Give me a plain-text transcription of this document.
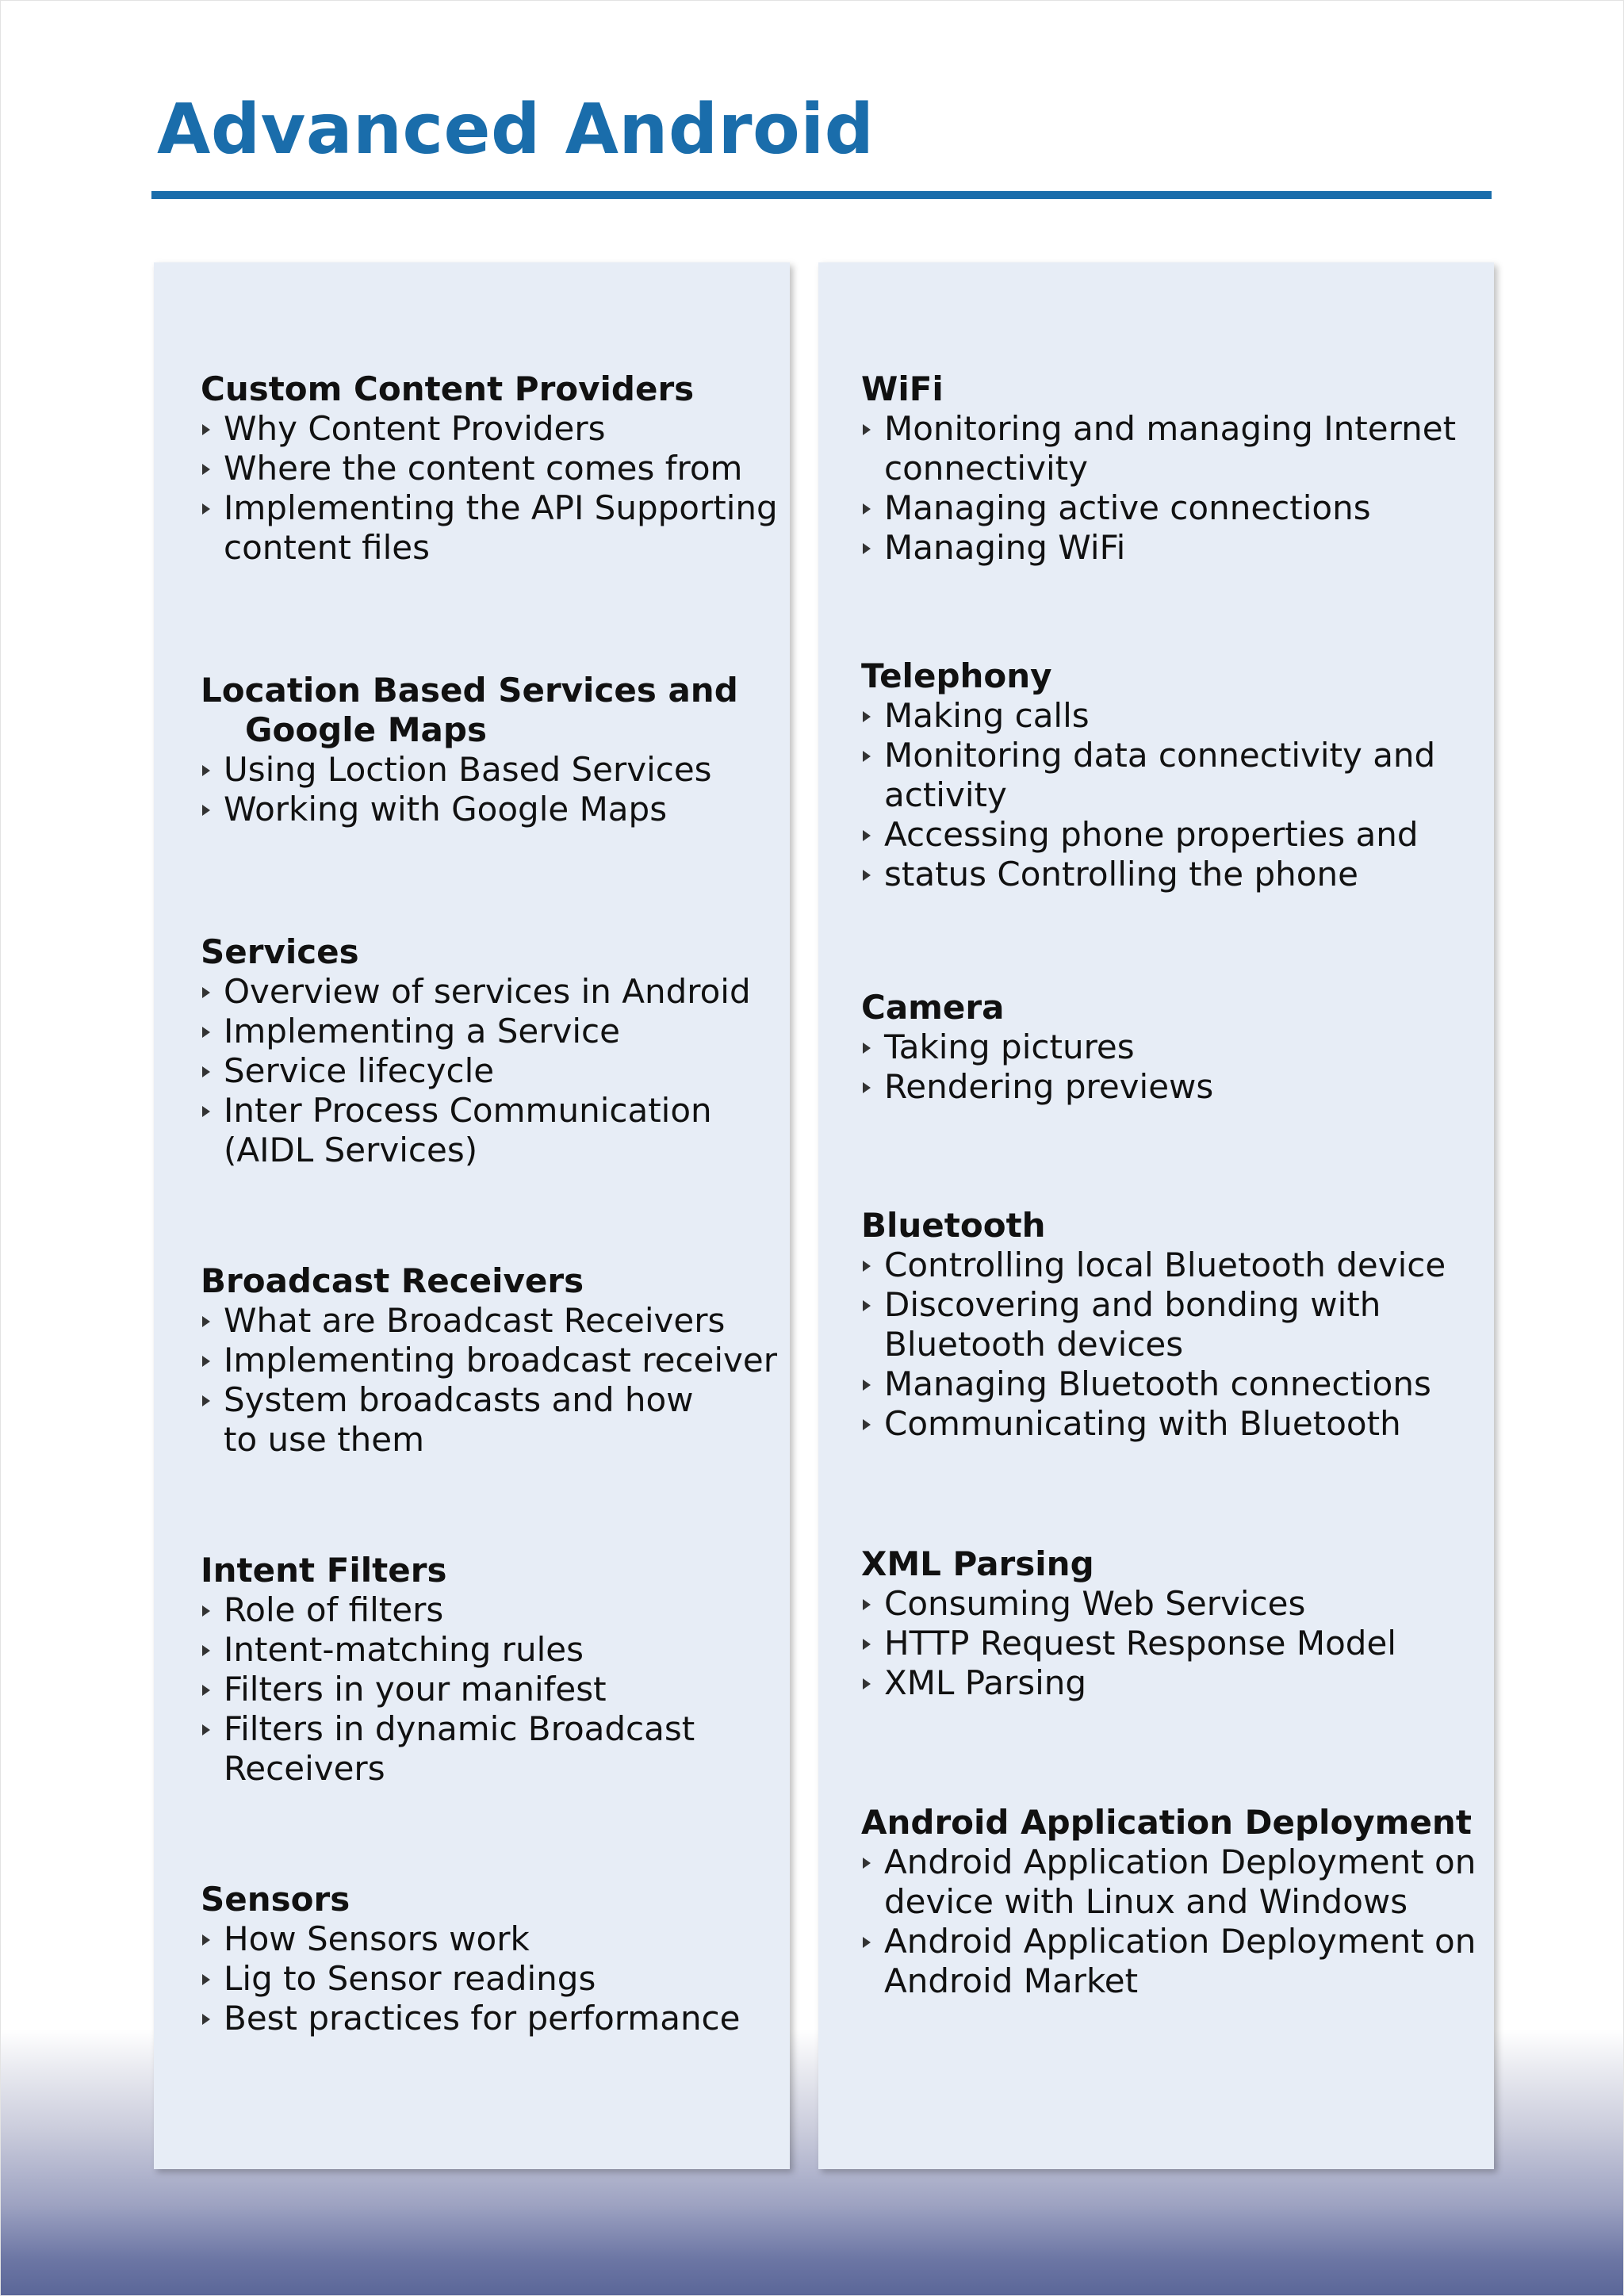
Advanced Android
Custom Content Providers
Why Content Providers
Where the content comes from
Implementing the API Supporting content files
Location Based Services and
Google Maps
Using Loction Based Services
Working with Google Maps
Services
Overview of services in Android
Implementing a Service
Service lifecycle
Inter Process Communication (AIDL Services)
Broadcast Receivers
What are Broadcast Receivers
Implementing broadcast receiver
System broadcasts and how to use them
Intent Filters
Role of filters
Intent-matching rules
Filters in your manifest
Filters in dynamic Broadcast Receivers
Sensors
How Sensors work
Lig to Sensor readings
Best practices for performance
WiFi
Monitoring and managing Internet connectivity
Managing active connections
Managing WiFi
Telephony
Making calls
Monitoring data connectivity and activity
Accessing phone properties and
status Controlling the phone
Camera
Taking pictures
Rendering previews
Bluetooth
Controlling local Bluetooth device
Discovering and bonding with Bluetooth devices
Managing Bluetooth connections
Communicating with Bluetooth
XML Parsing
Consuming Web Services
HTTP Request Response Model
XML Parsing
Android Application Deployment
Android Application Deployment on device with Linux and Windows
Android Application Deployment on Android Market
